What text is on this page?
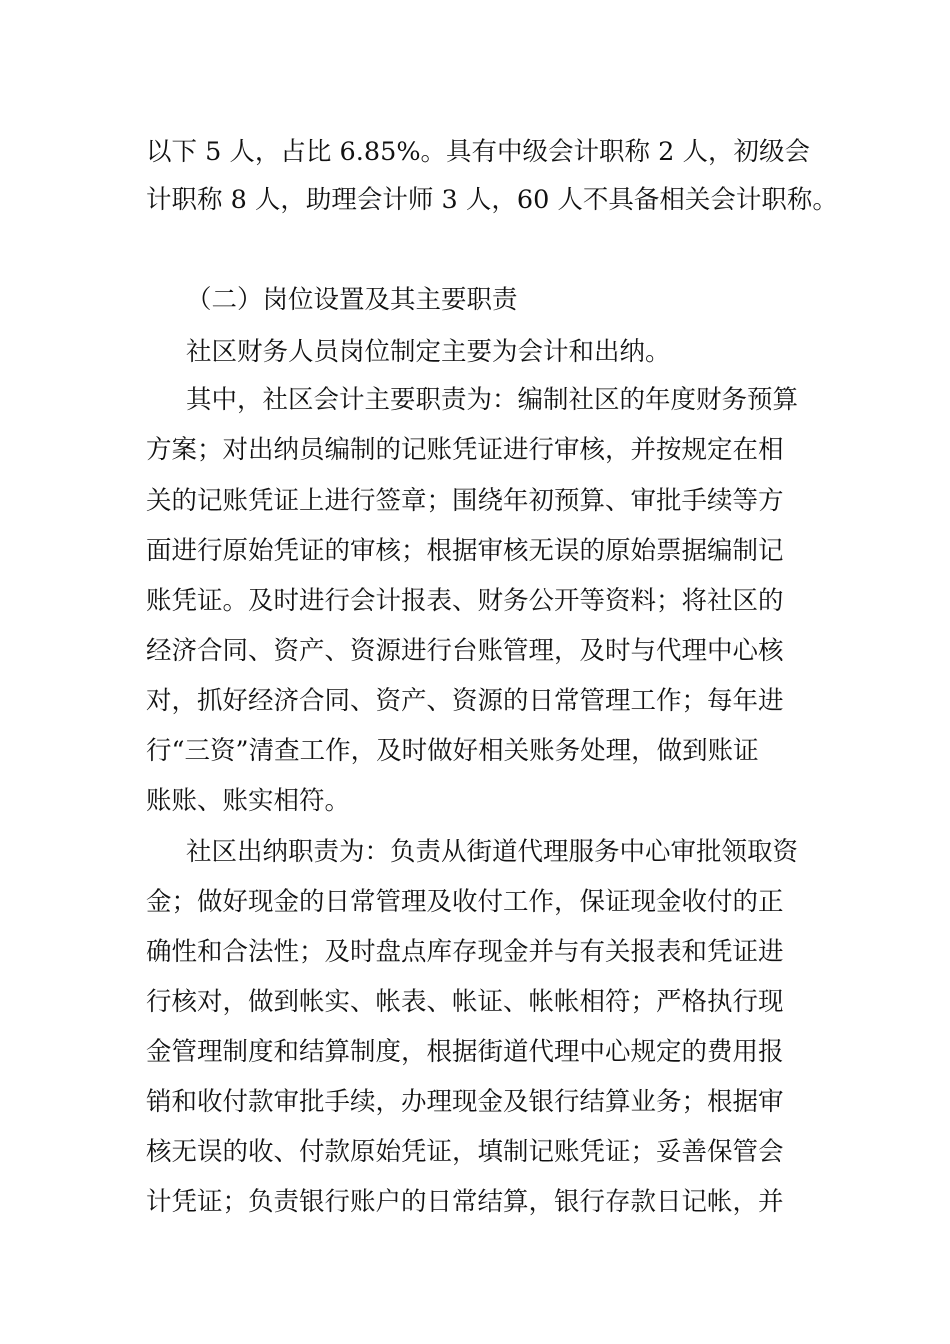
以下 5 人，占比 6.85%。具有中级会计职称 2 人，初级会
计职称 8 人，助理会计师 3 人，60 人不具备相关会计职称。
（二）岗位设置及其主要职责
社区财务人员岗位制定主要为会计和出纳。
其中，社区会计主要职责为：编制社区的年度财务预算
方案；对出纳员编制的记账凭证进行审核，并按规定在相
关的记账凭证上进行签章；围绕年初预算、审批手续等方
面进行原始凭证的审核；根据审核无误的原始票据编制记
账凭证。及时进行会计报表、财务公开等资料；将社区的
经济合同、资产、资源进行台账管理，及时与代理中心核
对，抓好经济合同、资产、资源的日常管理工作；每年进
行“三资”清查工作，及时做好相关账务处理，做到账证
账账、账实相符。
社区出纳职责为：负责从街道代理服务中心审批领取资
金；做好现金的日常管理及收付工作，保证现金收付的正
确性和合法性；及时盘点库存现金并与有关报表和凭证进
行核对，做到帐实、帐表、帐证、帐帐相符；严格执行现
金管理制度和结算制度，根据街道代理中心规定的费用报
销和收付款审批手续，办理现金及银行结算业务；根据审
核无误的收、付款原始凭证，填制记账凭证；妥善保管会
计凭证；负责银行账户的日常结算，银行存款日记帐，并
